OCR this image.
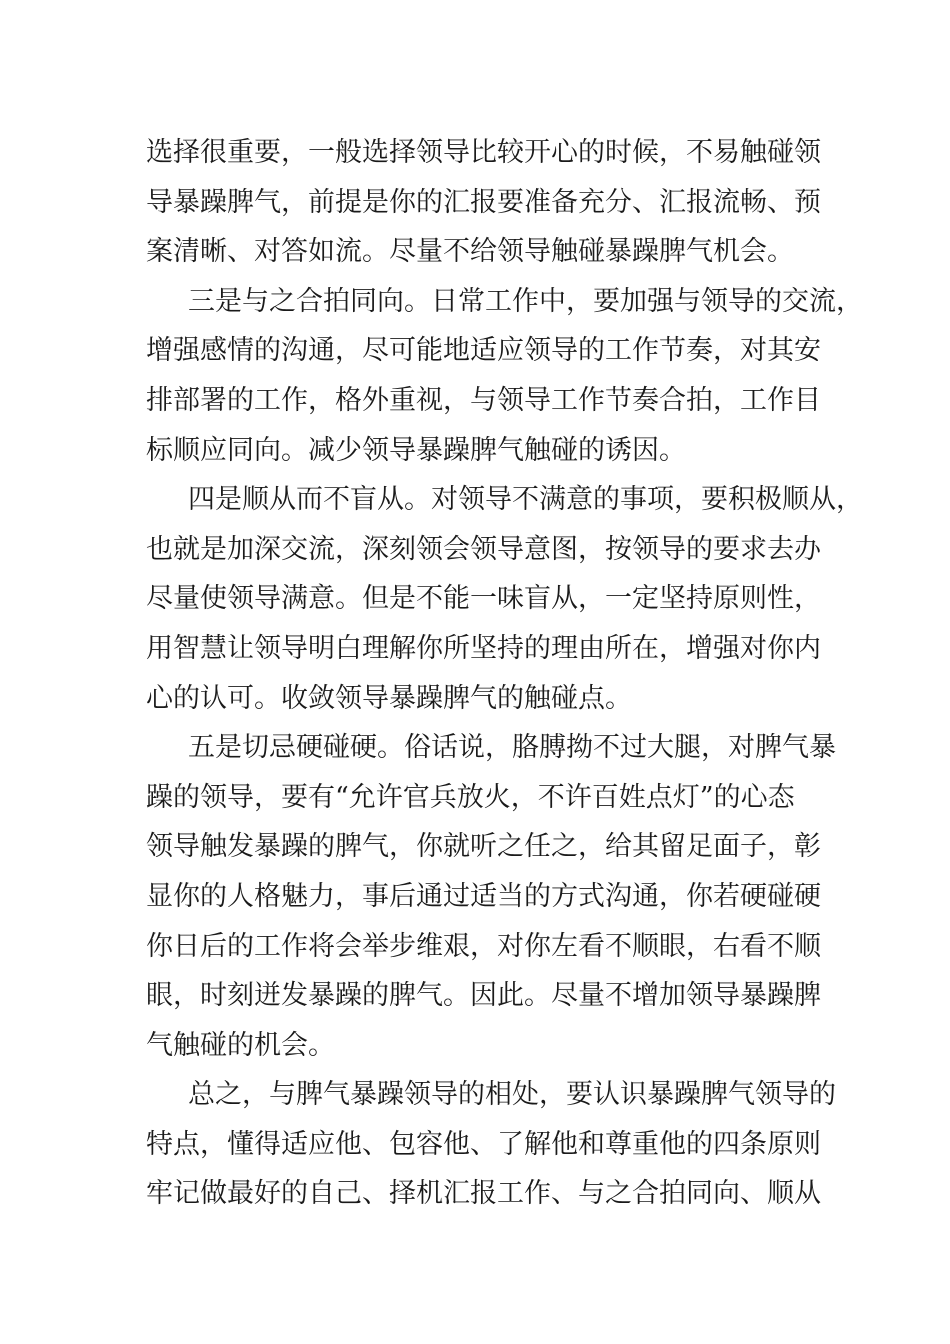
选择很重要，一般选择领导比较开心的时候，不易触碰领
导暴躁脾气，前提是你的汇报要准备充分、汇报流畅、预
案清晰、对答如流。尽量不给领导触碰暴躁脾气机会。
三是与之合拍同向。日常工作中，要加强与领导的交流，
增强感情的沟通，尽可能地适应领导的工作节奏，对其安
排部署的工作，格外重视，与领导工作节奏合拍，工作目
标顺应同向。减少领导暴躁脾气触碰的诱因。
四是顺从而不盲从。对领导不满意的事项，要积极顺从，
也就是加深交流，深刻领会领导意图，按领导的要求去办
尽量使领导满意。但是不能一味盲从，一定坚持原则性，
用智慧让领导明白理解你所坚持的理由所在，增强对你内
心的认可。收敛领导暴躁脾气的触碰点。
五是切忌硬碰硬。俗话说，胳膊拗不过大腿，对脾气暴
躁的领导，要有“允许官兵放火，不许百姓点灯”的心态
领导触发暴躁的脾气，你就听之任之，给其留足面子，彰
显你的人格魅力，事后通过适当的方式沟通，你若硬碰硬
你日后的工作将会举步维艰，对你左看不顺眼，右看不顺
眼，时刻迸发暴躁的脾气。因此。尽量不增加领导暴躁脾
气触碰的机会。
总之，与脾气暴躁领导的相处，要认识暴躁脾气领导的
特点，懂得适应他、包容他、了解他和尊重他的四条原则
牢记做最好的自己、择机汇报工作、与之合拍同向、顺从
